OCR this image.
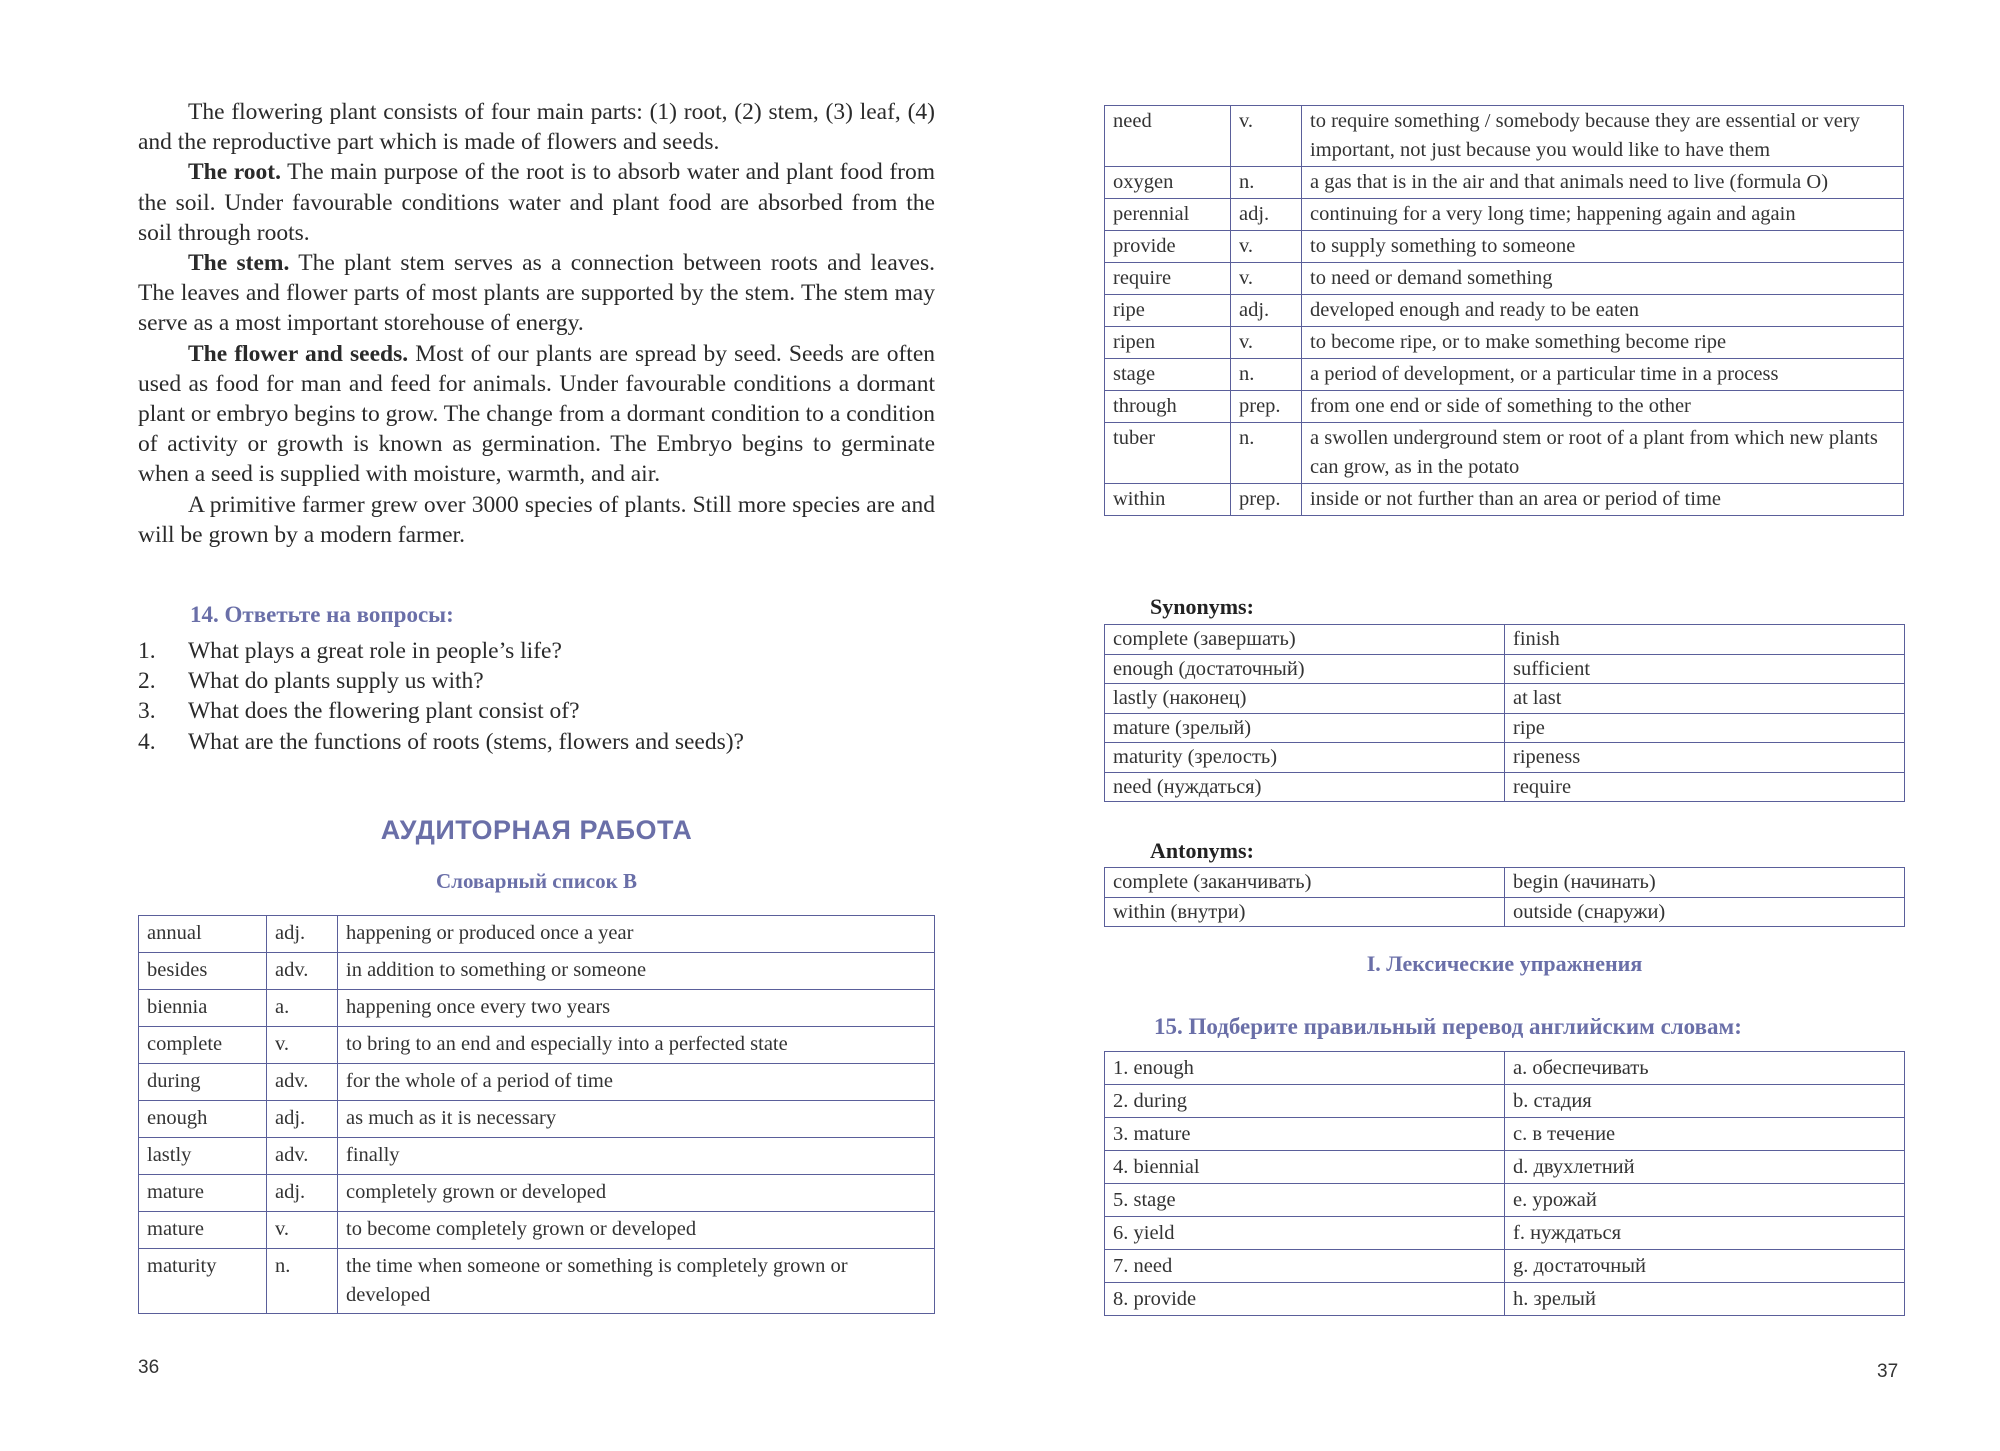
The flowering plant consists of four main parts: (1) root, (2) stem, (3) leaf, (4) and the reproductive part which is made of flowers and seeds.

The root. The main purpose of the root is to absorb water and plant food from the soil. Under favourable conditions water and plant food are absorbed from the soil through roots.

The stem. The plant stem serves as a connection between roots and leaves. The leaves and flower parts of most plants are supported by the stem. The stem may serve as a most important storehouse of energy.

The flower and seeds. Most of our plants are spread by seed. Seeds are often used as food for man and feed for animals. Under favourable conditions a dormant plant or embryo begins to grow. The change from a dormant condition to a condition of activity or growth is known as germination. The Embryo begins to germinate when a seed is supplied with moisture, warmth, and air.

A primitive farmer grew over 3000 species of plants. Still more species are and will be grown by a modern farmer.

14. Ответьте на вопросы:
1.	What plays a great role in people’s life?
2.	What do plants supply us with?
3.	What does the flowering plant consist of?
4.	What are the functions of roots (stems, flowers and seeds)?
АУДИТОРНАЯ РАБОТА
Словарный список B
annual	adj.	happening or produced once a year
besides	adv.	in addition to something or someone
biennia	a.	happening once every two years
complete	v.	to bring to an end and especially into a perfected state
during	adv.	for the whole of a period of time
enough	adj.	as much as it is necessary
lastly	adv.	finally
mature	adj.	completely grown or developed
mature	v.	to become completely grown or developed
maturity	n.	the time when someone or something is completely grown or developed
36
need	v.	to require something / somebody because they are essential or very important, not just because you would like to have them
oxygen	n.	a gas that is in the air and that animals need to live (formula O)
perennial	adj.	continuing for a very long time; happening again and again
provide	v.	to supply something to someone
require	v.	to need or demand something
ripe	adj.	developed enough and ready to be eaten
ripen	v.	to become ripe, or to make something become ripe
stage	n.	a period of development, or a particular time in a process
through	prep.	from one end or side of something to the other
tuber	n.	a swollen underground stem or root of a plant from which new plants can grow, as in the potato
within	prep.	inside or not further than an area or period of time
Synonyms:
complete (завершать)	finish
enough (достаточный)	sufficient
lastly (наконец)	at last
mature (зрелый)	ripe
maturity (зрелость)	ripeness
need (нуждаться)	require
Antonyms:
complete (заканчивать)	begin (начинать)
within (внутри)	outside (снаружи)
I. Лексические упражнения
15. Подберите правильный перевод английским словам:
1. enough	a. обеспечивать
2. during	b. стадия
3. mature	c. в течение
4. biennial	d. двухлетний
5. stage	e. урожай
6. yield	f. нуждаться
7. need	g. достаточный
8. provide	h. зрелый
37
